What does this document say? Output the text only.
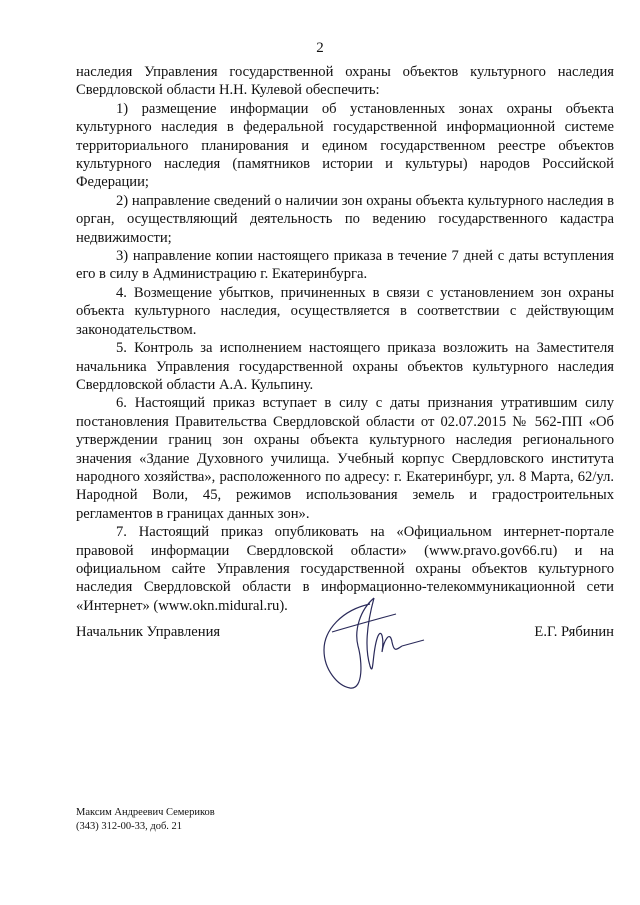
2

наследия Управления государственной охраны объектов культурного наследия Свердловской области Н.Н. Кулевой обеспечить:

1) размещение информации об установленных зонах охраны объекта культурного наследия в федеральной государственной информационной системе территориального планирования и едином государственном реестре объектов культурного наследия (памятников истории и культуры) народов Российской Федерации;

2) направление сведений о наличии зон охраны объекта культурного наследия в орган, осуществляющий деятельность по ведению государственного кадастра недвижимости;

3) направление копии настоящего приказа в течение 7 дней с даты вступления его в силу в Администрацию г. Екатеринбурга.

4. Возмещение убытков, причиненных в связи с установлением зон охраны объекта культурного наследия, осуществляется в соответствии с действующим законодательством.

5. Контроль за исполнением настоящего приказа возложить на Заместителя начальника Управления государственной охраны объектов культурного наследия Свердловской области А.А. Кульпину.

6. Настоящий приказ вступает в силу с даты признания утратившим силу постановления Правительства Свердловской области от 02.07.2015 № 562-ПП «Об утверждении границ зон охраны объекта культурного наследия регионального значения «Здание Духовного училища. Учебный корпус Свердловского института народного хозяйства», расположенного по адресу: г. Екатеринбург, ул. 8 Марта, 62/ул. Народной Воли, 45, режимов использования земель и градостроительных регламентов в границах данных зон».

7. Настоящий приказ опубликовать на «Официальном интернет-портале правовой информации Свердловской области» (www.pravo.gov66.ru) и на официальном сайте Управления государственной охраны объектов культурного наследия Свердловской области в информационно-телекоммуникационной сети «Интернет» (www.okn.midural.ru).

Начальник Управления	Е.Г. Рябинин
Максим Андреевич Семериков
(343) 312-00-33, доб. 21
